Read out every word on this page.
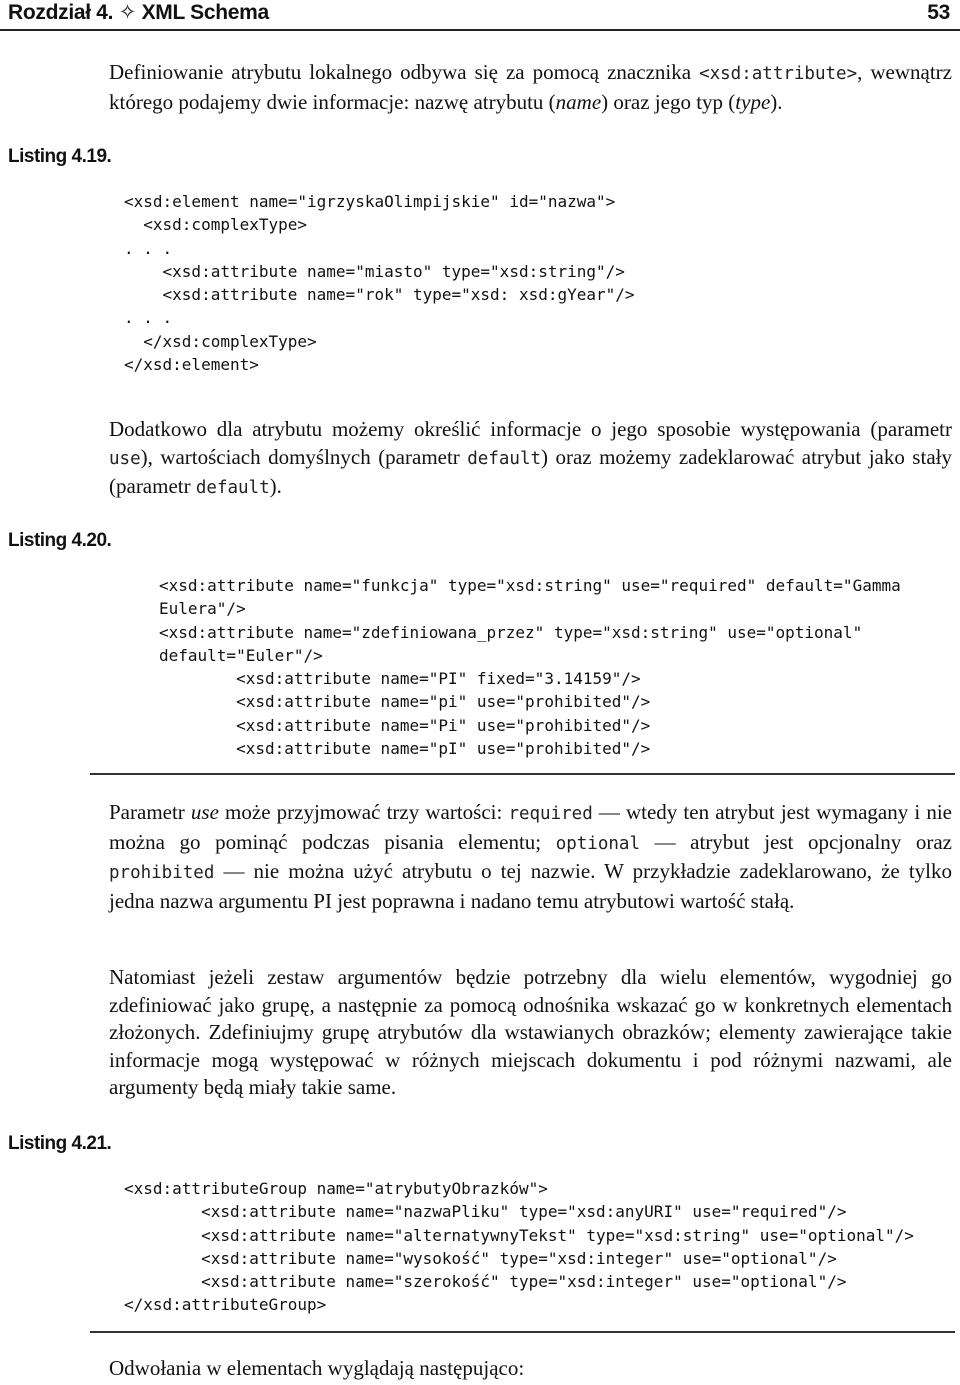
Rozdział 4. ✧ XML Schema	53

Definiowanie atrybutu lokalnego odbywa się za pomocą znacznika <xsd:attribute>, wewnątrz którego podajemy dwie informacje: nazwę atrybutu (name) oraz jego typ (type).

Listing 4.19.
<xsd:element name="igrzyskaOlimpijskie" id="nazwa">
<xsd:complexType>
. . .
<xsd:attribute name="miasto" type="xsd:string"/>
<xsd:attribute name="rok" type="xsd: xsd:gYear"/>
. . .
</xsd:complexType>
</xsd:element>

Dodatkowo dla atrybutu możemy określić informacje o jego sposobie występowania (parametr use), wartościach domyślnych (parametr default) oraz możemy zadeklarować atrybut jako stały (parametr default).

Listing 4.20.
<xsd:attribute name="funkcja" type="xsd:string" use="required" default="Gamma
Eulera"/>
<xsd:attribute name="zdefiniowana_przez" type="xsd:string" use="optional"
default="Euler"/>
<xsd:attribute name="PI" fixed="3.14159"/>
<xsd:attribute name="pi" use="prohibited"/>
<xsd:attribute name="Pi" use="prohibited"/>
<xsd:attribute name="pI" use="prohibited"/>

Parametr use może przyjmować trzy wartości: required — wtedy ten atrybut jest wymagany i nie można go pominąć podczas pisania elementu; optional — atrybut jest opcjonalny oraz prohibited — nie można użyć atrybutu o tej nazwie. W przykładzie zadeklarowano, że tylko jedna nazwa argumentu PI jest poprawna i nadano temu atrybutowi wartość stałą.

Natomiast jeżeli zestaw argumentów będzie potrzebny dla wielu elementów, wygodniej go zdefiniować jako grupę, a następnie za pomocą odnośnika wskazać go w konkretnych elementach złożonych. Zdefiniujmy grupę atrybutów dla wstawianych obrazków; elementy zawierające takie informacje mogą występować w różnych miejscach dokumentu i pod różnymi nazwami, ale argumenty będą miały takie same.

Listing 4.21.
<xsd:attributeGroup name="atrybutyObrazków">
<xsd:attribute name="nazwaPliku" type="xsd:anyURI" use="required"/>
<xsd:attribute name="alternatywnyTekst" type="xsd:string" use="optional"/>
<xsd:attribute name="wysokość" type="xsd:integer" use="optional"/>
<xsd:attribute name="szerokość" type="xsd:integer" use="optional"/>
</xsd:attributeGroup>

Odwołania w elementach wyglądają następująco:
